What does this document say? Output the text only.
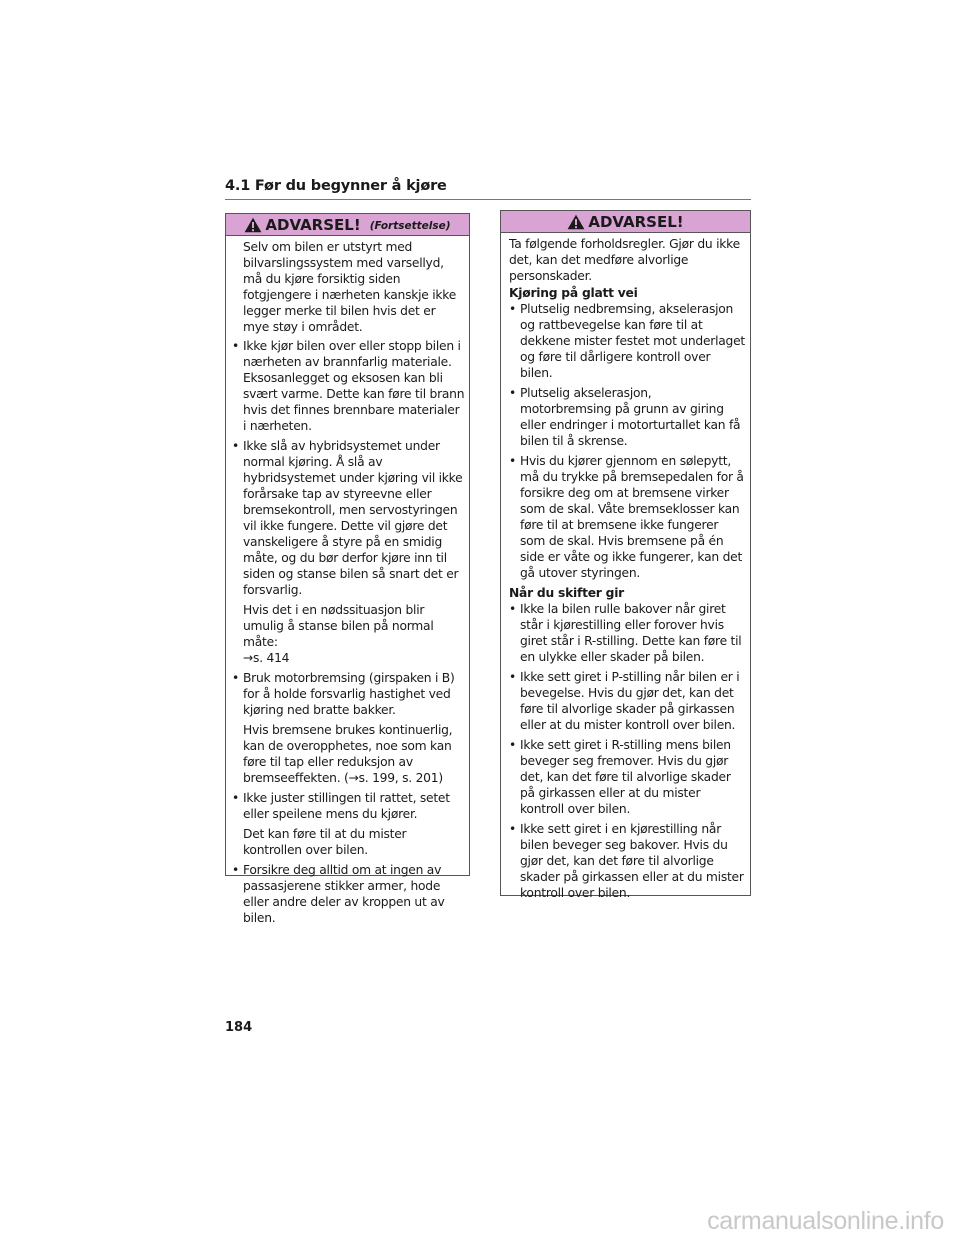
4.1 Før du begynner å kjøre
ADVARSEL! (Fortsettelse)
Selv om bilen er utstyrt med bilvarslingssystem med varsellyd, må du kjøre forsiktig siden fotgjengere i nærheten kanskje ikke legger merke til bilen hvis det er mye støy i området.
• Ikke kjør bilen over eller stopp bilen i nærheten av brannfarlig materiale. Eksosanlegget og eksosen kan bli svært varme. Dette kan føre til brann hvis det finnes brennbare materialer i nærheten.
• Ikke slå av hybridsystemet under normal kjøring. Å slå av hybridsystemet under kjøring vil ikke forårsake tap av styreevne eller bremsekontroll, men servostyringen vil ikke fungere. Dette vil gjøre det vanskeligere å styre på en smidig måte, og du bør derfor kjøre inn til siden og stanse bilen så snart det er forsvarlig.
Hvis det i en nødssituasjon blir umulig å stanse bilen på normal måte:
→s. 414
• Bruk motorbremsing (girspaken i B) for å holde forsvarlig hastighet ved kjøring ned bratte bakker.
Hvis bremsene brukes kontinuerlig, kan de overopphetes, noe som kan føre til tap eller reduksjon av bremseeffekten. (→s. 199, s. 201)
• Ikke juster stillingen til rattet, setet eller speilene mens du kjører.
Det kan føre til at du mister kontrollen over bilen.
• Forsikre deg alltid om at ingen av passasjerene stikker armer, hode eller andre deler av kroppen ut av bilen.
ADVARSEL!
Ta følgende forholdsregler. Gjør du ikke det, kan det medføre alvorlige personskader.
Kjøring på glatt vei
• Plutselig nedbremsing, akselerasjon og rattbevegelse kan føre til at dekkene mister festet mot underlaget og føre til dårligere kontroll over bilen.
• Plutselig akselerasjon, motorbremsing på grunn av giring eller endringer i motorturtallet kan få bilen til å skrense.
• Hvis du kjører gjennom en sølepytt, må du trykke på bremsepedalen for å forsikre deg om at bremsene virker som de skal. Våte bremseklosser kan føre til at bremsene ikke fungerer som de skal. Hvis bremsene på én side er våte og ikke fungerer, kan det gå utover styringen.
Når du skifter gir
• Ikke la bilen rulle bakover når giret står i kjørestilling eller forover hvis giret står i R-stilling. Dette kan føre til en ulykke eller skader på bilen.
• Ikke sett giret i P-stilling når bilen er i bevegelse. Hvis du gjør det, kan det føre til alvorlige skader på girkassen eller at du mister kontroll over bilen.
• Ikke sett giret i R-stilling mens bilen beveger seg fremover. Hvis du gjør det, kan det føre til alvorlige skader på girkassen eller at du mister kontroll over bilen.
• Ikke sett giret i en kjørestilling når bilen beveger seg bakover. Hvis du gjør det, kan det føre til alvorlige skader på girkassen eller at du mister kontroll over bilen.
184
carmanualsonline.info
